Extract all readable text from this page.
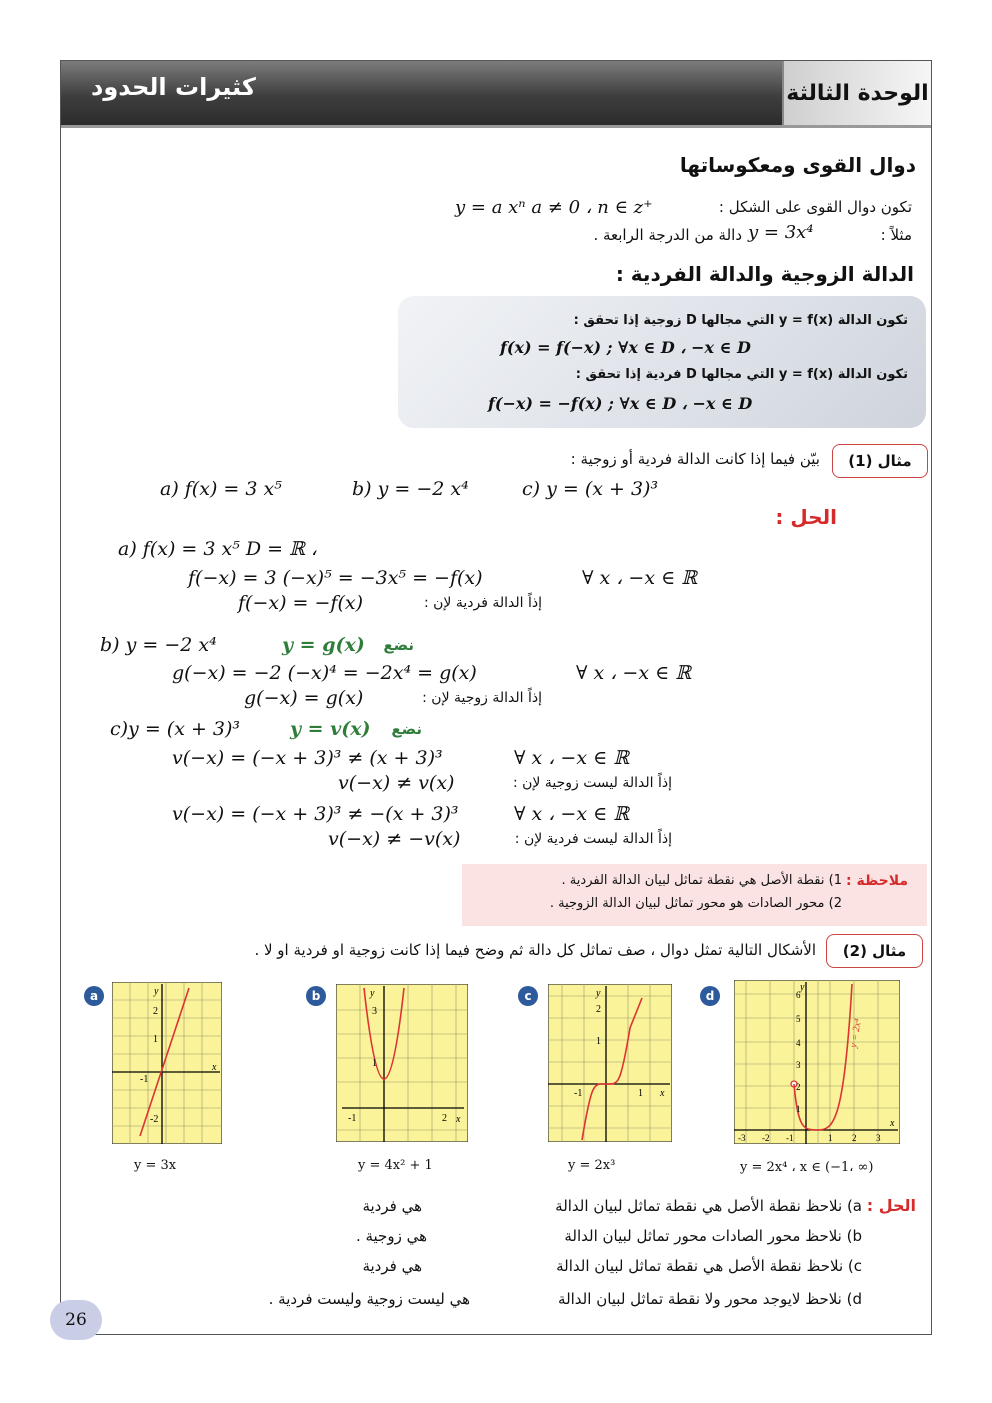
كثيرات الحدود	الوحدة الثالثة
دوال القوى ومعكوساتها
تكون دوال القوى على الشكل :
y = a xⁿ a ≠ 0 ، n ∈ z⁺
مثلاً :
y = 3x⁴
دالة من الدرجة الرابعة .
الدالة الزوجية والدالة الفردية :
تكون الدالة y = f(x) التي مجالها D زوجية إذا تحقق :
f(x) = f(−x) ; ∀x ∈ D ، −x ∈ D
تكون الدالة y = f(x) التي مجالها D فردية إذا تحقق :
f(−x) = −f(x) ; ∀x ∈ D ، −x ∈ D
مثال (1)
بيّن فيما إذا كانت الدالة فردية أو زوجية :
a) f(x) = 3 x⁵	b) y = −2 x⁴	c) y = (x + 3)³
الحل :
a) f(x) = 3 x⁵ D = ℝ ،
f(−x) = 3 (−x)⁵ = −3x⁵ = −f(x)	∀ x ، −x ∈ ℝ
إذاً الدالة فردية لإن :
f(−x) = −f(x)
b) y = −2 x⁴	y = g(x) نضع
g(−x) = −2 (−x)⁴ = −2x⁴ = g(x)	∀ x ، −x ∈ ℝ
إذاً الدالة زوجية لإن :
g(−x) = g(x)
c)y = (x + 3)³	y = v(x) نضع
v(−x) = (−x + 3)³ ≠ (x + 3)³	∀ x ، −x ∈ ℝ
إذاً الدالة ليست زوجية لإن :
v(−x) ≠ v(x)
v(−x) = (−x + 3)³ ≠ −(x + 3)³	∀ x ، −x ∈ ℝ
إذاً الدالة ليست فردية لإن :
v(−x) ≠ −v(x)
ملاحظة :
1) نقطة الأصل هي نقطة تماثل لبيان الدالة الفردية .
2) محور الصادات هو محور تماثل لبيان الدالة الزوجية .
مثال (2)
الأشكال التالية تمثل دوال ، صف تماثل كل دالة ثم وضح فيما إذا كانت زوجية او فردية او لا .
a	b	c	d
y
x
2
1
-1
-2
y
x
3
1
-1	2
y
x
2
1
-1	1
y = 2x⁴
y
x
6
5
4
3
2
1
-3 -2 -1	1 2 3
y = 3x	y = 4x² + 1	y = 2x³	y = 2x⁴ ، x ∈ (−1، ∞)
الحل :
a) نلاحظ نقطة الأصل هي نقطة تماثل لبيان الدالة
هي فردية
b) نلاحظ محور الصادات محور تماثل لبيان الدالة
هي زوجية .
c) نلاحظ نقطة الأصل هي نقطة تماثل لبيان الدالة
هي فردية
d) نلاحظ لايوجد محور ولا نقطة تماثل لبيان الدالة
هي ليست زوجية وليست فردية .
26
